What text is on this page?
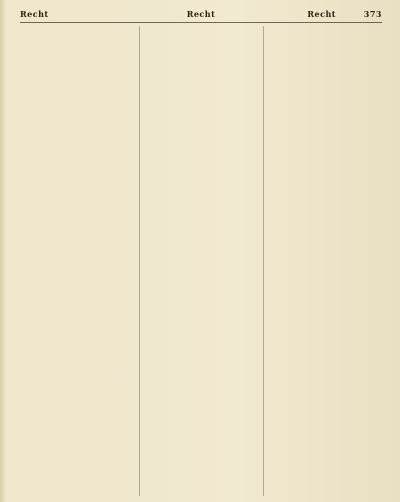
Recht	Recht	Recht	373
